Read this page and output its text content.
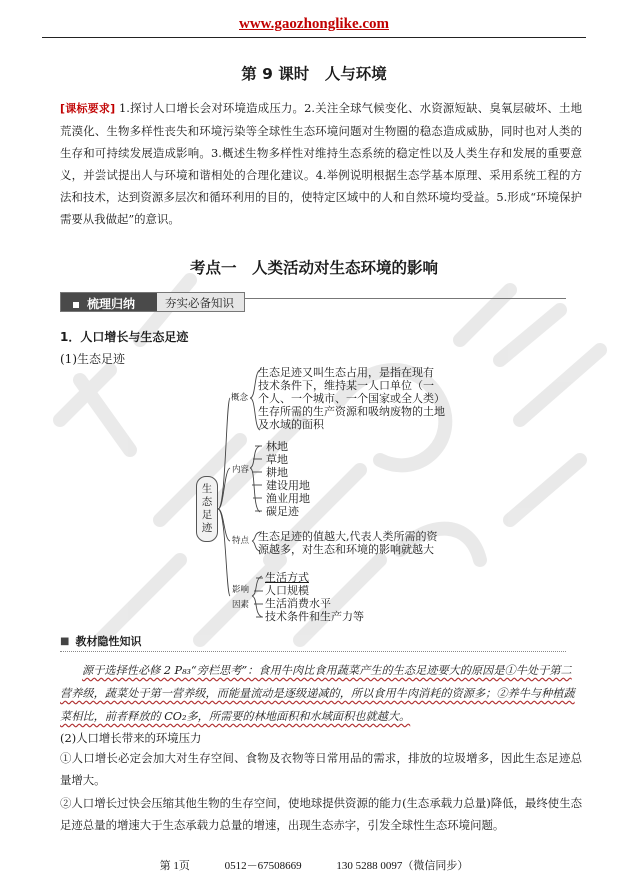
www.gaozhonglike.com
第 9 课时　人与环境
[课标要求] 1.探讨人口增长会对环境造成压力。2.关注全球气候变化、水资源短缺、臭氧层破坏、土地荒漠化、生物多样性丧失和环境污染等全球性生态环境问题对生物圈的稳态造成威胁，同时也对人类的生存和可持续发展造成影响。3.概述生物多样性对维持生态系统的稳定性以及人类生存和发展的重要意义，并尝试提出人与环境和谐相处的合理化建议。4.举例说明根据生态学基本原理、采用系统工程的方法和技术，达到资源多层次和循环利用的目的，使特定区域中的人和自然环境均受益。5.形成“环境保护需要从我做起”的意识。
考点一　人类活动对生态环境的影响
梳理归纳	夯实必备知识
1．人口增长与生态足迹
(1)生态足迹
生
态
足
迹
概念
生态足迹又叫生态占用，是指在现有
技术条件下，维持某一人口单位（一
个人、一个城市、一个国家或全人类）
生存所需的生产资源和吸纳废物的土地
及水域的面积
内容
林地
草地
耕地
建设用地
渔业用地
碳足迹
特点 生态足迹的值越大,代表人类所需的资
源越多，对生态和环境的影响就越大
影响
因素
生活方式
人口规模
生活消费水平
技术条件和生产力等
■ 教材隐性知识
源于选择性必修 2 P₈₃“旁栏思考”：食用牛肉比食用蔬菜产生的生态足迹要大的原因是①牛处于第二营养级，蔬菜处于第一营养级，而能量流动是逐级递减的，所以食用牛肉消耗的资源多；②养牛与种植蔬菜相比，前者释放的 CO₂多，所需要的林地面积和水域面积也就越大。
(2)人口增长带来的环境压力
①人口增长必定会加大对生存空间、食物及衣物等日常用品的需求，排放的垃圾增多，因此生态足迹总量增大。
②人口增长过快会压缩其他生物的生存空间，使地球提供资源的能力(生态承载力总量)降低，最终使生态足迹总量的增速大于生态承载力总量的增速，出现生态赤字，引发全球性生态环境问题。
第 1页	0512－67508669	130 5288 0097（微信同步）
